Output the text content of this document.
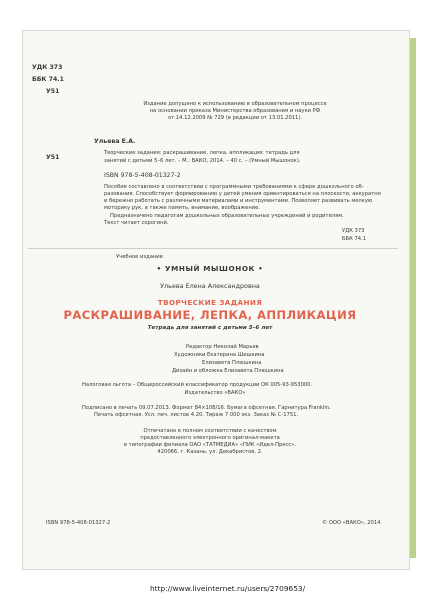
УДК 373
ББК 74.1
У51
Издание допущено к использованию в образовательном процессе
на основании приказа Министерства образования и науки РФ
от 14.12.2009 № 729 (в редакции от 13.01.2011).
Ульева Е.А.
У51
Творческие задания: раскрашивание, лепка, аппликация: тетрадь для
занятий с детьми 5–6 лет. – М.: ВАКО, 2014. – 40 с. – (Умный Мышонок).
ISBN 978-5-408-01327-2
Пособие составлено в соответствии с программными требованиями к сфере дошкольного об-
разования. Способствует формированию у детей умения ориентироваться на плоскости, аккуратно
и бережно работать с различными материалами и инструментами. Позволяет развивать мелкую
моторику рук, а также память, внимание, воображение.
Предназначено педагогам дошкольных образовательных учреждений и родителям.
Текст читает сорогинй.
УДК 373
ББК 74.1
Учебное издание
• УМНЫЙ МЫШОНОК •
Ульева Елена Александровна
ТВОРЧЕСКИЕ ЗАДАНИЯ
РАСКРАШИВАНИЕ, ЛЕПКА, АППЛИКАЦИЯ
Тетрадь для занятий с детьми 5–6 лет
Редактор Николай Марьев
Художники Екатерина Шишкина
Елизавета Плюшкина
Дизайн и обложка Елизавета Плюшкина
Налоговая льгота – Общероссийский классификатор продукции ОК 005-93-953000.
Издательство «ВАКО»
Подписано в печать 09.07.2013. Формат 84×108/16. Бумага офсетная. Гарнитура Franklin.
Печать офсетная. Усл. печ. листов 4,20. Тираж 7 000 экз. Заказ № С-1751.
Отпечатано в полном соответствии с качеством
предоставленного электронного оригинал-макета
в типографии филиала ОАО «ТАТМЕДИА» «ПИК «Идел-Пресс».
420066, г. Казань, ул. Декабристов, 2.
ISBN 978-5-408-01327-2	© ООО «ВАКО», 2014
http://www.liveinternet.ru/users/2709653/
